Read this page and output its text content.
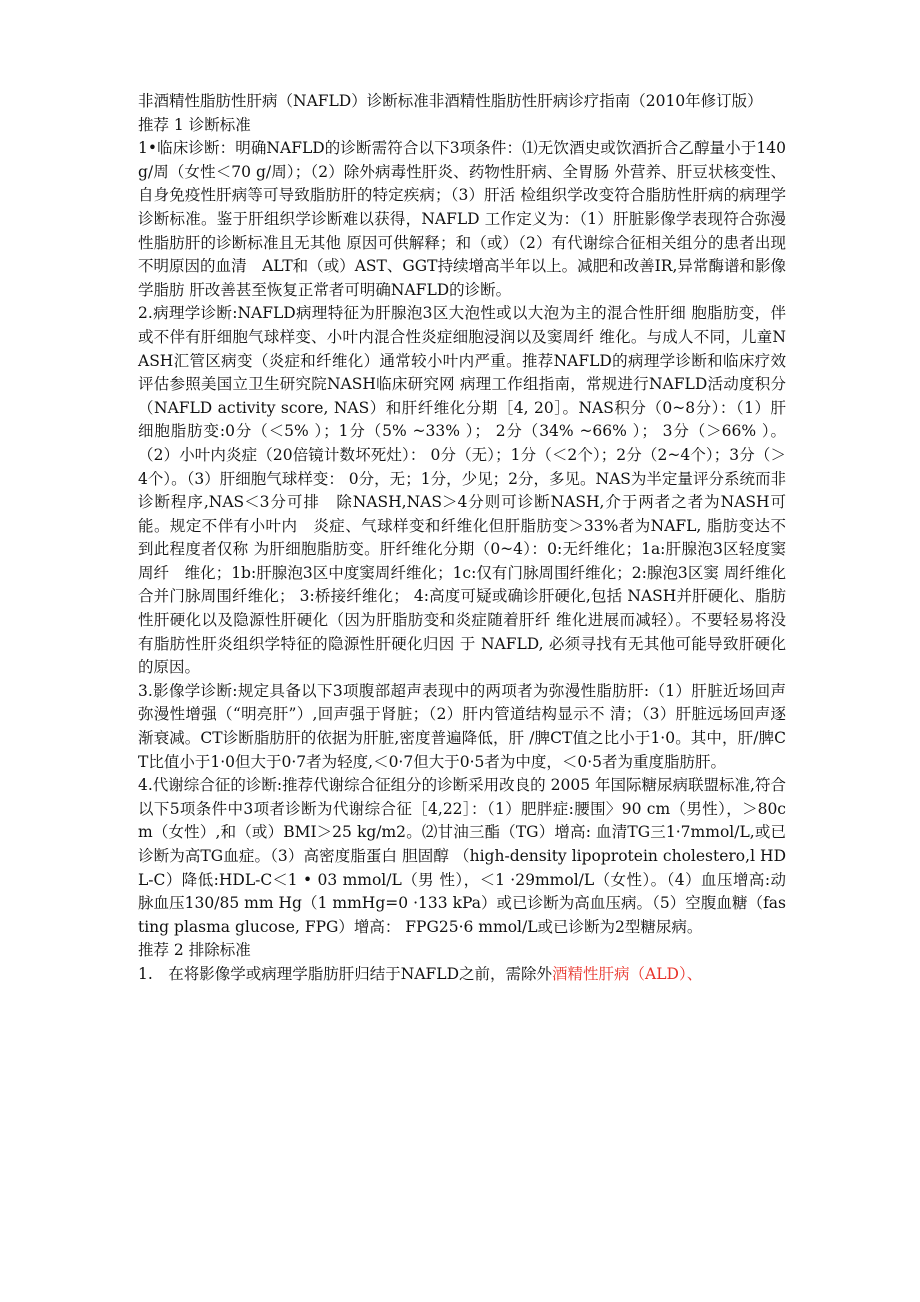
非酒精性脂肪性肝病（NAFLD）诊断标准非酒精性脂肪性肝病诊疗指南（2010年修订版）

推荐 1 诊断标准

1•临床诊断：明确NAFLD的诊断需符合以下3项条件：⑴无饮酒史或饮酒折合乙醇量小于140g/周（女性＜70 g/周）；（2）除外病毒性肝炎、药物性肝病、全胃肠 外营养、肝豆状核变性、自身免疫性肝病等可导致脂肪肝的特定疾病；（3）肝活 检组织学改变符合脂肪性肝病的病理学诊断标准。鉴于肝组织学诊断难以获得，NAFLD 工作定义为：（1）肝脏影像学表现符合弥漫性脂肪肝的诊断标准且无其他 原因可供解释；和（或）（2）有代谢综合征相关组分的患者出现不明原因的血清　ALT和（或）AST、GGT持续增高半年以上。减肥和改善IR,异常酶谱和影像学脂肪 肝改善甚至恢复正常者可明确NAFLD的诊断。

2.病理学诊断:NAFLD病理特征为肝腺泡3区大泡性或以大泡为主的混合性肝细 胞脂肪变，伴或不伴有肝细胞气球样变、小叶内混合性炎症细胞浸润以及窦周纤 维化。与成人不同，儿童NASH汇管区病变（炎症和纤维化）通常较小叶内严重。推荐NAFLD的病理学诊断和临床疗效评估参照美国立卫生研究院NASH临床研究网 病理工作组指南，常规进行NAFLD活动度积分（NAFLD activity score, NAS）和肝纤维化分期［4, 20］。NAS积分（0~8分）：（1）肝细胞脂肪变:0分（＜5% ）；1分（5% ~33% ）； 2分（34% ~66% ）； 3分（＞66% ）。 （2）小叶内炎症（20倍镜计数坏死灶）： 0分（无）；1分（＜2个）；2分（2~4个）；3分（＞4个）。（3）肝细胞气球样变： 0分，无；1分，少见；2分，多见。NAS为半定量评分系统而非诊断程序,NAS＜3分可排　除NASH,NAS＞4分则可诊断NASH,介于两者之者为NASH可能。规定不伴有小叶内　炎症、气球样变和纤维化但肝脂肪变＞33%者为NAFL, 脂肪变达不到此程度者仅称 为肝细胞脂肪变。肝纤维化分期（0~4）：0:无纤维化；1a:肝腺泡3区轻度窦周纤　维化；1b:肝腺泡3区中度窦周纤维化；1c:仅有门脉周围纤维化；2:腺泡3区窦 周纤维化合并门脉周围纤维化； 3:桥接纤维化； 4:高度可疑或确诊肝硬化,包括 NASH并肝硬化、脂肪性肝硬化以及隐源性肝硬化（因为肝脂肪变和炎症随着肝纤 维化进展而减轻）。不要轻易将没有脂肪性肝炎组织学特征的隐源性肝硬化归因 于 NAFLD, 必须寻找有无其他可能导致肝硬化的原因。

3.影像学诊断:规定具备以下3项腹部超声表现中的两项者为弥漫性脂肪肝:（1）肝脏近场回声弥漫性增强（“明亮肝”）,回声强于肾脏；（2）肝内管道结构显示不 清；（3）肝脏远场回声逐渐衰减。CT诊断脂肪肝的依据为肝脏,密度普遍降低，肝 /脾CT值之比小于1·0。其中，肝/脾CT比值小于1·0但大于0·7者为轻度,＜0·7但大于0·5者为中度，＜0·5者为重度脂肪肝。

4.代谢综合征的诊断:推荐代谢综合征组分的诊断采用改良的 2005 年国际糖尿病联盟标准,符合以下5项条件中3项者诊断为代谢综合征［4,22］：（1）肥胖症:腰围〉90 cm（男性），＞80cm（女性）,和（或）BMI＞25 kg/m2。⑵甘油三酯（TG）增高: 血清TG三1·7mmol/L,或已诊断为高TG血症。（3）高密度脂蛋白 胆固醇 （high-density lipoprotein cholestero,l HDL-C）降低:HDL-C＜1 • 03 mmol/L（男 性），＜1 ·29mmol/L（女性）。（4）血压增高:动脉血压130/85 mm Hg（1 mmHg=0 ·133 kPa）或已诊断为高血压病。（5）空腹血糖（fasting plasma glucose, FPG）增高： FPG25·6 mmol/L或已诊断为2型糖尿病。

推荐 2 排除标准

1.　在将影像学或病理学脂肪肝归结于NAFLD之前，需除外酒精性肝病（ALD）、
